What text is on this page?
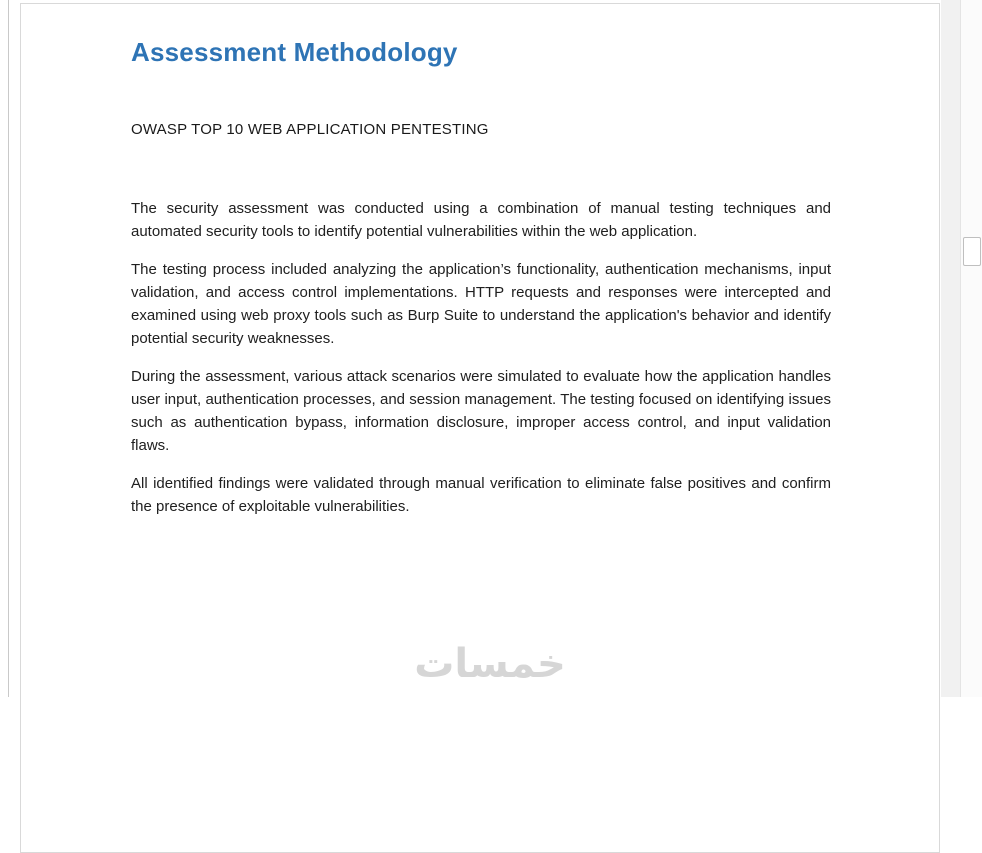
Assessment Methodology
OWASP TOP 10 WEB APPLICATION PENTESTING

The security assessment was conducted using a combination of manual testing techniques and automated security tools to identify potential vulnerabilities within the web application.

The testing process included analyzing the application’s functionality, authentication mechanisms, input validation, and access control implementations. HTTP requests and responses were intercepted and examined using web proxy tools such as Burp Suite to understand the application's behavior and identify potential security weaknesses.

During the assessment, various attack scenarios were simulated to evaluate how the application handles user input, authentication processes, and session management. The testing focused on identifying issues such as authentication bypass, information disclosure, improper access control, and input validation flaws.

All identified findings were validated through manual verification to eliminate false positives and confirm the presence of exploitable vulnerabilities.

خمسات
